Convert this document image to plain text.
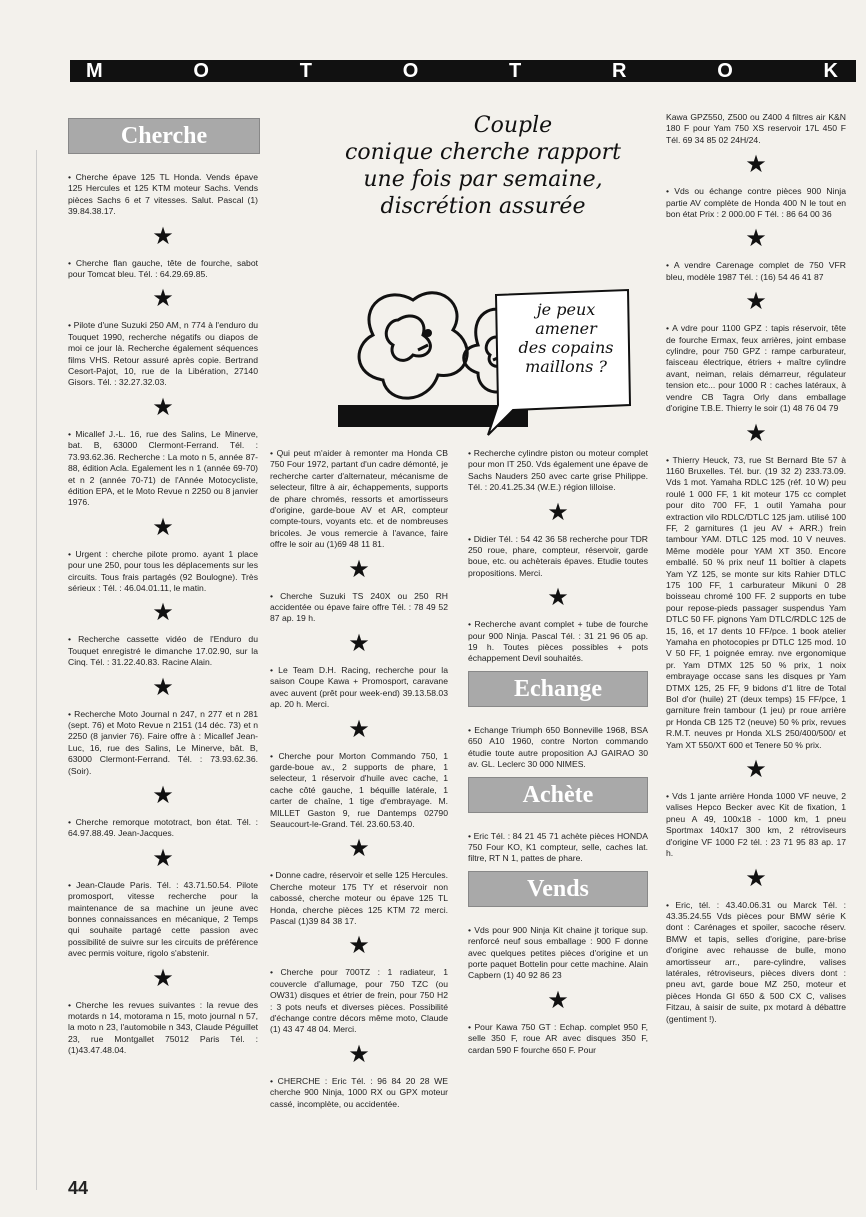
M	O	T	O	T	R	O	K
Cherche

• Cherche épave 125 TL Honda. Vends épave 125 Hercules et 125 KTM moteur Sachs. Vends pièces Sachs 6 et 7 vitesses. Salut. Pascal (1) 39.84.38.17.

★

• Cherche flan gauche, tête de fourche, sabot pour Tomcat bleu. Tél. : 64.29.69.85.

★

• Pilote d'une Suzuki 250 AM, n 774 à l'enduro du Touquet 1990, recherche négatifs ou diapos de moi ce jour là. Recherche également séquences films VHS. Retour assuré après copie. Bertrand Cesort-Pajot, 10, rue de la Libération, 27140 Gisors. Tél. : 32.27.32.03.

★

• Micallef J.-L. 16, rue des Salins, Le Minerve, bat. B, 63000 Clermont-Ferrand. Tél. : 73.93.62.36. Recherche : La moto n 5, année 87-88, édition Acla. Egalement les n 1 (année 69-70) et n 2 (année 70-71) de l'Année Motocycliste, édition EPA, et le Moto Revue n 2250 ou 8 janvier 1976.

★

• Urgent : cherche pilote promo. ayant 1 place pour une 250, pour tous les déplacements sur les circuits. Tous frais partagés (92 Boulogne). Très sérieux : Tél. : 46.04.01.11, le matin.

★

• Recherche cassette vidéo de l'Enduro du Touquet enregistré le dimanche 17.02.90, sur la Cinq. Tél. : 31.22.40.83. Racine Alain.

★

• Recherche Moto Journal n 247, n 277 et n 281 (sept. 76) et Moto Revue n 2151 (14 déc. 73) et n 2250 (8 janvier 76). Faire offre à : Micallef Jean-Luc, 16, rue des Salins, Le Minerve, bât. B, 63000 Clermont-Ferrand. Tél. : 73.93.62.36. (Soir).

★

• Cherche remorque mototract, bon état. Tél. : 64.97.88.49. Jean-Jacques.

★

• Jean-Claude Paris. Tél. : 43.71.50.54. Pilote promosport, vitesse recherche pour la maintenance de sa machine un jeune avec bonnes connaissances en mécanique, 2 Temps qui souhaite partagé cette passion avec possibilité de suivre sur les circuits de préférence avec permis voiture, rigolo s'abstenir.

★

• Cherche les revues suivantes : la revue des motards n 14, motorama n 15, moto journal n 57, la moto n 23, l'automobile n 343, Claude Péguillet 23, rue Montgallet 75012 Paris Tél. : (1)43.47.48.04.

Couple
conique cherche rapport
une fois par semaine,
discrétion assurée
je peux
amener
des copains
maillons ?

• Qui peut m'aider à remonter ma Honda CB 750 Four 1972, partant d'un cadre démonté, je recherche carter d'alternateur, mécanisme de selecteur, filtre à air, échappements, supports de phare chromés, ressorts et amortisseurs d'origine, garde-boue AV et AR, compteur compte-tours, voyants etc. et de nombreuses bricoles. Je vous remercie à l'avance, faire offre le soir au (1)69 48 11 81.

★

• Cherche Suzuki TS 240X ou 250 RH accidentée ou épave faire offre Tél. : 78 49 52 87 ap. 19 h.

★

• Le Team D.H. Racing, recherche pour la saison Coupe Kawa + Promosport, caravane avec auvent (prêt pour week-end) 39.13.58.03 ap. 20 h. Merci.

★

• Cherche pour Morton Commando 750, 1 garde-boue av., 2 supports de phare, 1 selecteur, 1 réservoir d'huile avec cache, 1 cache côté gauche, 1 béquille latérale, 1 carter de chaîne, 1 tige d'embrayage. M. MILLET Gaston 9, rue Dantemps 02790 Seaucourt-le-Grand. Tél. 23.60.53.40.

★

• Donne cadre, réservoir et selle 125 Hercules. Cherche moteur 175 TY et réservoir non cabossé, cherche moteur ou épave 125 TL Honda, cherche pièces 125 KTM 72 merci. Pascal (1)39 84 38 17.

★

• Cherche pour 700TZ : 1 radiateur, 1 couvercle d'allumage, pour 750 TZC (ou OW31) disques et étrier de frein, pour 750 H2 : 3 pots neufs et diverses pièces. Possibilité d'échange contre décors même moto, Claude (1) 43 47 48 04. Merci.

★

• CHERCHE : Eric Tél. : 96 84 20 28 WE cherche 900 Ninja, 1000 RX ou GPX moteur cassé, incomplète, ou accidentée.

• Recherche cylindre piston ou moteur complet pour mon IT 250. Vds également une épave de Sachs Nauders 250 avec carte grise Philippe. Tél. : 20.41.25.34 (W.E.) région lilloise.

★

• Didier Tél. : 54 42 36 58 recherche pour TDR 250 roue, phare, compteur, réservoir, garde boue, etc. ou achèterais épaves. Etudie toutes propositions. Merci.

★

• Recherche avant complet + tube de fourche pour 900 Ninja. Pascal Tél. : 31 21 96 05 ap. 19 h. Toutes pièces possibles + pots échappement Devil souhaités.

Echange

• Echange Triumph 650 Bonneville 1968, BSA 650 A10 1960, contre Norton commando étudie toute autre proposition AJ GAIRAO 30 av. GL. Leclerc 30 000 NIMES.

Achète

• Eric Tél. : 84 21 45 71 achète pièces HONDA 750 Four KO, K1 compteur, selle, caches lat. filtre, RT N 1, pattes de phare.

Vends

• Vds pour 900 Ninja Kit chaine jt torique sup. renforcé neuf sous emballage : 900 F donne avec quelques petites pièces d'origine et un porte paquet Bottelin pour cette machine. Alain Capbern (1) 40 92 86 23

★

• Pour Kawa 750 GT : Echap. complet 950 F, selle 350 F, roue AR avec disques 350 F, cardan 590 F fourche 650 F. Pour

Kawa GPZ550, Z500 ou Z400 4 filtres air K&N 180 F pour Yam 750 XS reservoir 17L 450 F Tél. 69 34 85 02 24H/24.

★

• Vds ou échange contre pièces 900 Ninja partie AV complète de Honda 400 N le tout en bon état Prix : 2 000.00 F Tél. : 86 64 00 36

★

• A vendre Carenage complet de 750 VFR bleu, modèle 1987 Tél. : (16) 54 46 41 87

★

• A vdre pour 1100 GPZ : tapis réservoir, tête de fourche Ermax, feux arrières, joint embase cylindre, pour 750 GPZ : rampe carburateur, faisceau électrique, étriers + maître cylindre avant, neiman, relais démarreur, régulateur tension etc... pour 1000 R : caches latéraux, à vendre CB Tagra Orly dans emballage d'origine T.B.E. Thierry le soir (1) 48 76 04 79

★

• Thierry Heuck, 73, rue St Bernard Bte 57 à 1160 Bruxelles. Tél. bur. (19 32 2) 233.73.09. Vds 1 mot. Yamaha RDLC 125 (réf. 10 W) peu roulé 1 000 FF, 1 kit moteur 175 cc complet pour dito 700 FF, 1 outil Yamaha pour extraction vilo RDLC/DTLC 125 jam. utilisé 100 FF, 2 garnitures (1 jeu AV + ARR.) frein tambour YAM. DTLC 125 mod. 10 V neuves. Même modèle pour YAM XT 350. Encore emballé. 50 % prix neuf 11 boîtier à clapets Yam YZ 125, se monte sur kits Rahier DTLC 175 100 FF, 1 carburateur Mikuni 0 28 boisseau chromé 100 FF. 2 supports en tube pour repose-pieds passager suspendus Yam DTLC 50 FF. pignons Yam DTLC/RDLC 125 de 15, 16, et 17 dents 10 FF/pce. 1 book atelier Yamaha en photocopies pr DTLC 125 mod. 10 V 50 FF, 1 poignée emray. nve ergonomique pr. Yam DTMX 125 50 % prix, 1 noix embrayage occase sans les disques pr Yam DTMX 125, 25 FF, 9 bidons d'1 litre de Total Bol d'or (huile) 2T (deux temps) 15 FF/pce, 1 garniture frein tambour (1 jeu) pr roue arrière pr Honda CB 125 T2 (neuve) 50 % prix, revues R.M.T. neuves pr Honda XLS 250/400/500/ et Yam XT 550/XT 600 et Tenere 50 % prix.

★

• Vds 1 jante arrière Honda 1000 VF neuve, 2 valises Hepco Becker avec Kit de fixation, 1 pneu A 49, 100x18 - 1000 km, 1 pneu Sportmax 140x17 300 km, 2 rétroviseurs d'origine VF 1000 F2 tél. : 23 71 95 83 ap. 17 h.

★

• Eric, tél. : 43.40.06.31 ou Marck Tél. : 43.35.24.55 Vds pièces pour BMW série K dont : Carénages et spoiler, sacoche réserv. BMW et tapis, selles d'origine, pare-brise d'origine avec rehausse de bulle, mono amortisseur arr., pare-cylindre, valises latérales, rétroviseurs, pièces divers dont : pneu avt, garde boue MZ 250, moteur et pièces Honda Gl 650 & 500 CX C, valises Fitzau, à saisir de suite, px motard à débattre (gentiment !).

44
